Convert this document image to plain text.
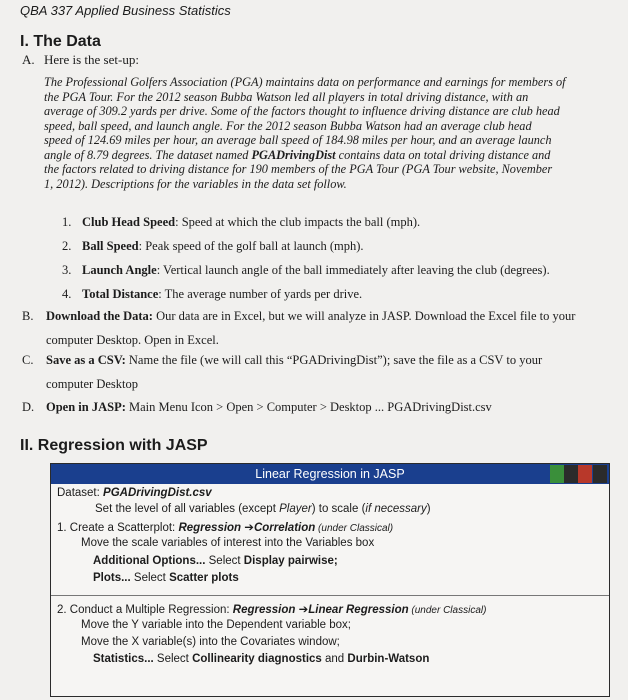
QBA 337 Applied Business Statistics
I. The Data
A. Here is the set-up:
The Professional Golfers Association (PGA) maintains data on performance and earnings for members of
the PGA Tour. For the 2012 season Bubba Watson led all players in total driving distance, with an
average of 309.2 yards per drive. Some of the factors thought to influence driving distance are club head
speed, ball speed, and launch angle. For the 2012 season Bubba Watson had an average club head
speed of 124.69 miles per hour, an average ball speed of 184.98 miles per hour, and an average launch
angle of 8.79 degrees. The dataset named PGADrivingDist contains data on total driving distance and
the factors related to driving distance for 190 members of the PGA Tour (PGA Tour website, November
1, 2012). Descriptions for the variables in the data set follow.
1. Club Head Speed: Speed at which the club impacts the ball (mph).
2. Ball Speed: Peak speed of the golf ball at launch (mph).
3. Launch Angle: Vertical launch angle of the ball immediately after leaving the club (degrees).
4. Total Distance: The average number of yards per drive.
B. Download the Data: Our data are in Excel, but we will analyze in JASP. Download the Excel file to your
computer Desktop. Open in Excel.
C. Save as a CSV: Name the file (we will call this “PGADrivingDist”); save the file as a CSV to your
computer Desktop
D. Open in JASP: Main Menu Icon > Open > Computer > Desktop ... PGADrivingDist.csv
II. Regression with JASP
Linear Regression in JASP
Dataset: PGADrivingDist.csv
Set the level of all variables (except Player) to scale (if necessary)
1. Create a Scatterplot: Regression ➔Correlation (under Classical)
Move the scale variables of interest into the Variables box
Additional Options... Select Display pairwise;
Plots... Select Scatter plots
2. Conduct a Multiple Regression: Regression ➔Linear Regression (under Classical)
Move the Y variable into the Dependent variable box;
Move the X variable(s) into the Covariates window;
Statistics... Select Collinearity diagnostics and Durbin-Watson
